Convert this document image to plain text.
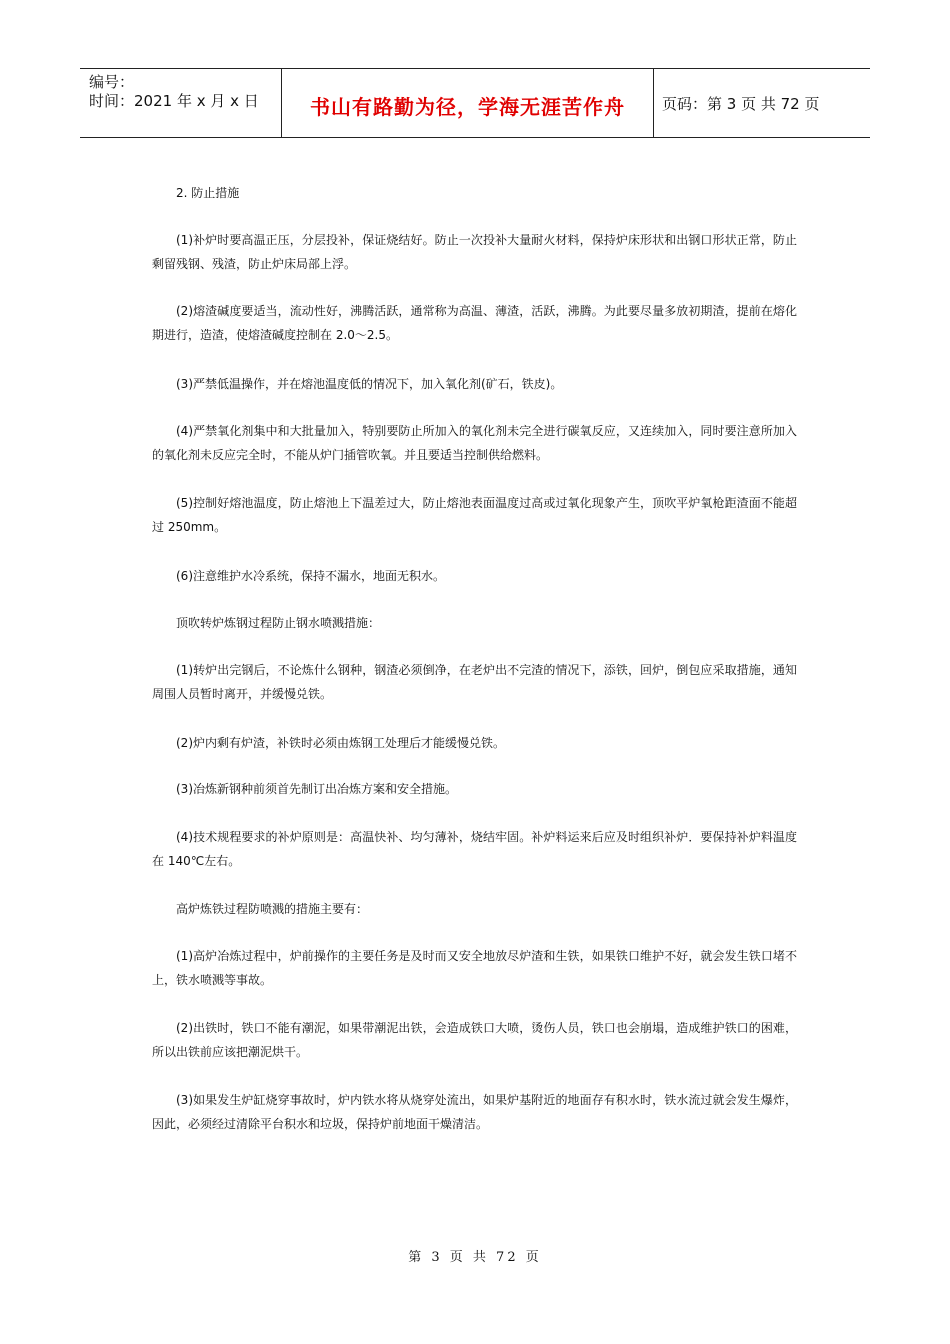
编号：
时间：2021 年 x 月 x 日	书山有路勤为径，学海无涯苦作舟	页码：第 3 页 共 72 页

2. 防止措施

(1)补炉时要高温正压，分层投补，保证烧结好。防止一次投补大量耐火材料，保持炉床形状和出钢口形状正常，防止剩留残钢、残渣，防止炉床局部上浮。

(2)熔渣碱度要适当，流动性好，沸腾活跃，通常称为高温、薄渣，活跃，沸腾。为此要尽量多放初期渣，提前在熔化期进行，造渣，使熔渣碱度控制在 2.0～2.5。

(3)严禁低温操作，并在熔池温度低的情况下，加入氧化剂(矿石，铁皮)。

(4)严禁氧化剂集中和大批量加入，特别要防止所加入的氧化剂未完全进行碳氧反应，又连续加入，同时要注意所加入的氧化剂未反应完全时，不能从炉门插管吹氧。并且要适当控制供给燃料。

(5)控制好熔池温度，防止熔池上下温差过大，防止熔池表面温度过高或过氧化现象产生，顶吹平炉氧枪距渣面不能超过 250mm。

(6)注意维护水冷系统，保持不漏水，地面无积水。

顶吹转炉炼钢过程防止钢水喷溅措施：

(1)转炉出完钢后，不论炼什么钢种，钢渣必须倒净，在老炉出不完渣的情况下，添铁，回炉，倒包应采取措施，通知周围人员暂时离开，并缓慢兑铁。

(2)炉内剩有炉渣，补铁时必须由炼钢工处理后才能缓慢兑铁。

(3)冶炼新钢种前须首先制订出冶炼方案和安全措施。

(4)技术规程要求的补炉原则是：高温快补、均匀薄补，烧结牢固。补炉料运来后应及时组织补炉．要保持补炉料温度在 140℃左右。

高炉炼铁过程防喷溅的措施主要有：

(1)高炉冶炼过程中，炉前操作的主要任务是及时而又安全地放尽炉渣和生铁，如果铁口维护不好，就会发生铁口堵不上，铁水喷溅等事故。

(2)出铁时，铁口不能有潮泥，如果带潮泥出铁，会造成铁口大喷，烫伤人员，铁口也会崩塌，造成维护铁口的困难，所以出铁前应该把潮泥烘干。

(3)如果发生炉缸烧穿事故时，炉内铁水将从烧穿处流出，如果炉基附近的地面存有积水时，铁水流过就会发生爆炸，因此，必须经过清除平台积水和垃圾，保持炉前地面干燥清洁。

第 3 页 共 72 页
